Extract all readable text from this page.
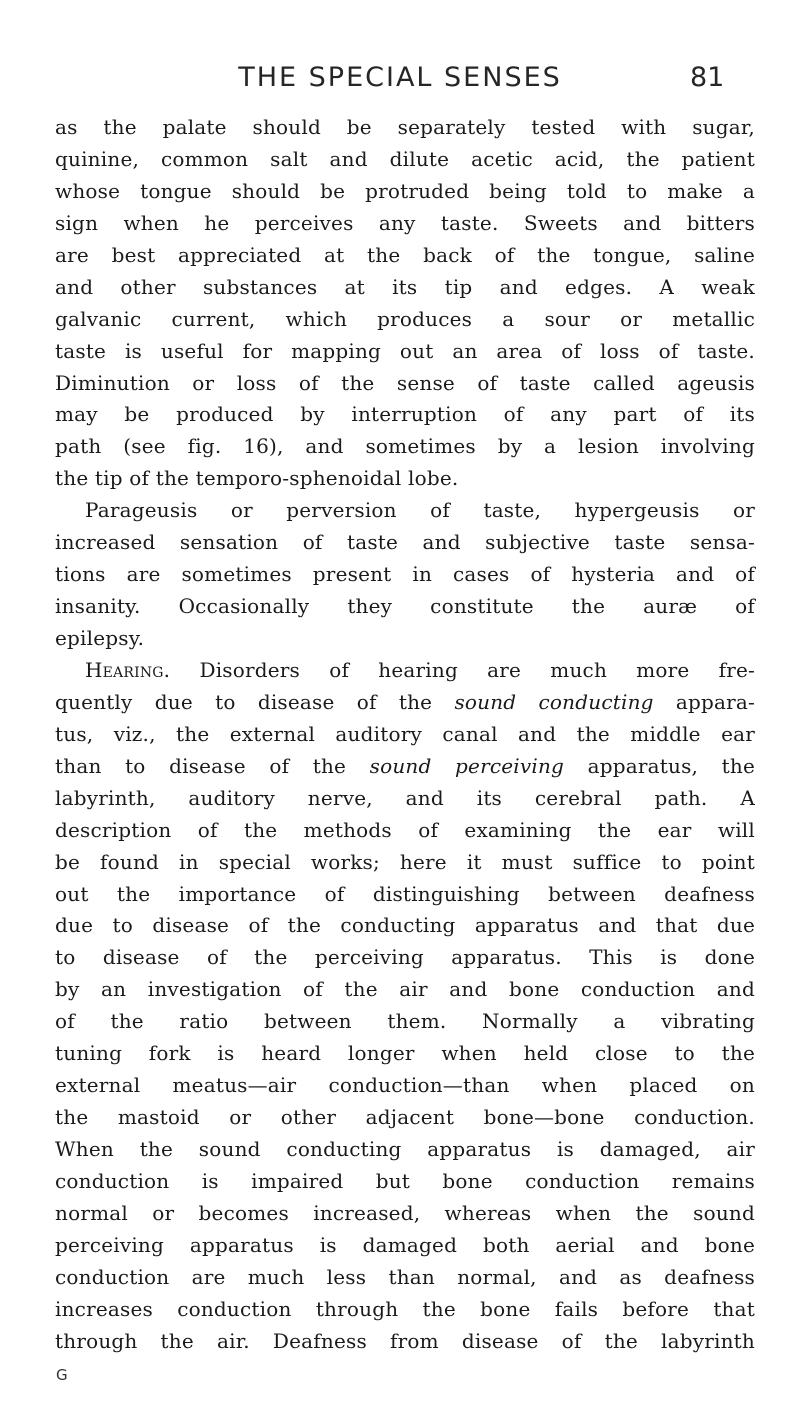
THE SPECIAL SENSES	81
as the palate should be separately tested with sugar,
quinine, common salt and dilute acetic acid, the patient
whose tongue should be protruded being told to make a
sign when he perceives any taste. Sweets and bitters
are best appreciated at the back of the tongue, saline
and other substances at its tip and edges. A weak
galvanic current, which produces a sour or metallic
taste is useful for mapping out an area of loss of taste.
Diminution or loss of the sense of taste called ageusis
may be produced by interruption of any part of its
path (see fig. 16), and sometimes by a lesion involving
the tip of the temporo-sphenoidal lobe.
Parageusis or perversion of taste, hypergeusis or
increased sensation of taste and subjective taste sensa-
tions are sometimes present in cases of hysteria and of
insanity. Occasionally they constitute the auræ of
epilepsy.
Hearing. Disorders of hearing are much more fre-
quently due to disease of the sound conducting appara-
tus, viz., the external auditory canal and the middle ear
than to disease of the sound perceiving apparatus, the
labyrinth, auditory nerve, and its cerebral path. A
description of the methods of examining the ear will
be found in special works; here it must suffice to point
out the importance of distinguishing between deafness
due to disease of the conducting apparatus and that due
to disease of the perceiving apparatus. This is done
by an investigation of the air and bone conduction and
of the ratio between them. Normally a vibrating
tuning fork is heard longer when held close to the
external meatus—air conduction—than when placed on
the mastoid or other adjacent bone—bone conduction.
When the sound conducting apparatus is damaged, air
conduction is impaired but bone conduction remains
normal or becomes increased, whereas when the sound
perceiving apparatus is damaged both aerial and bone
conduction are much less than normal, and as deafness
increases conduction through the bone fails before that
through the air. Deafness from disease of the labyrinth
G
